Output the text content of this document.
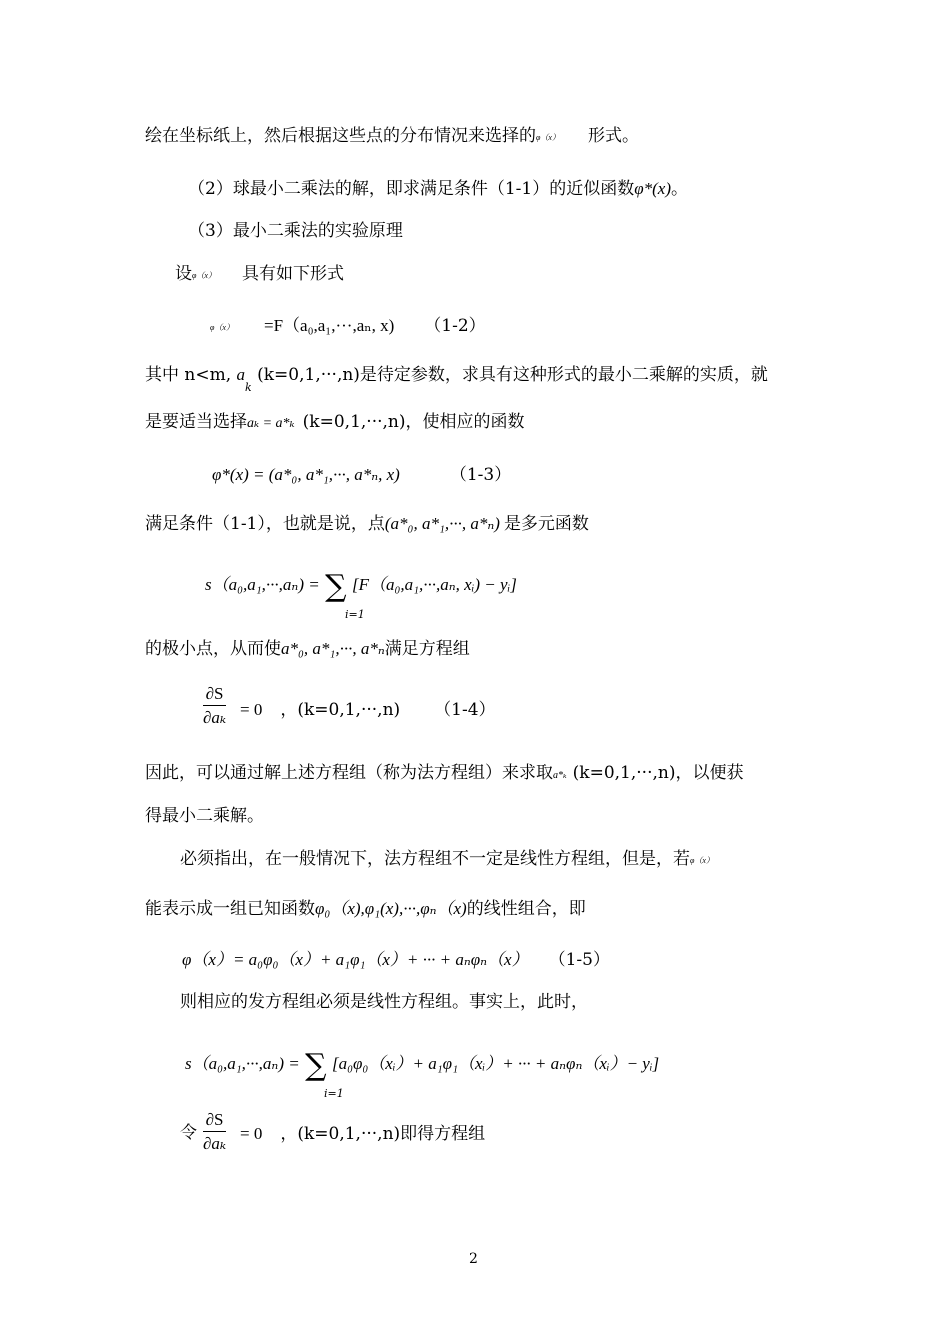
绘在坐标纸上，然后根据这些点的分布情况来选择的φ（x） 形式。
（2）球最小二乘法的解，即求满足条件（1-1）的近似函数φ*(x)。
（3）最小二乘法的实验原理
设φ（x） 具有如下形式
φ（x） =F（a₀,a₁,···,aₙ, x) （1-2）
其中 n<m, $a_k$ (k=0,1,···,n)是待定参数，求具有这种形式的最小二乘解的实质，就
是要适当选择aₖ = a*ₖ (k=0,1,···,n)，使相应的函数
φ*(x) = (a*₀, a*₁,···, a*ₙ, x)	（1-3）
满足条件（1-1），也就是说，点(a*₀, a*₁,···, a*ₙ) 是多元函数
s（a₀,a₁,···,aₙ) = ∑ [F（a₀,a₁,···,aₙ, xᵢ) − yᵢ]
i=1
的极小点，从而使a*₀, a*₁,···, a*ₙ满足方程组
$\frac{\partial S}{\text{∂aₖ}} = 0$ ，(k=0,1,···,n) （1-4）
因此，可以通过解上述方程组（称为法方程组）来求取a*ₖ (k=0,1,···,n)，以便获
得最小二乘解。
必须指出，在一般情况下，法方程组不一定是线性方程组，但是，若φ（x）
能表示成一组已知函数φ₀（x),φ₁(x),···,φₙ（x)的线性组合，即
φ（x）= a₀φ₀（x）+ a₁φ₁（x）+ ··· + aₙφₙ（x） （1-5）
则相应的发方程组必须是线性方程组。事实上，此时，
s（a₀,a₁,···,aₙ) = ∑ [a₀φ₀（xᵢ）+ a₁φ₁（xᵢ）+ ··· + aₙφₙ（xᵢ）− yᵢ]
i=1
令 $\frac{\partial S}{\text{∂aₖ}} = 0$ ，(k=0,1,···,n)即得方程组
2
